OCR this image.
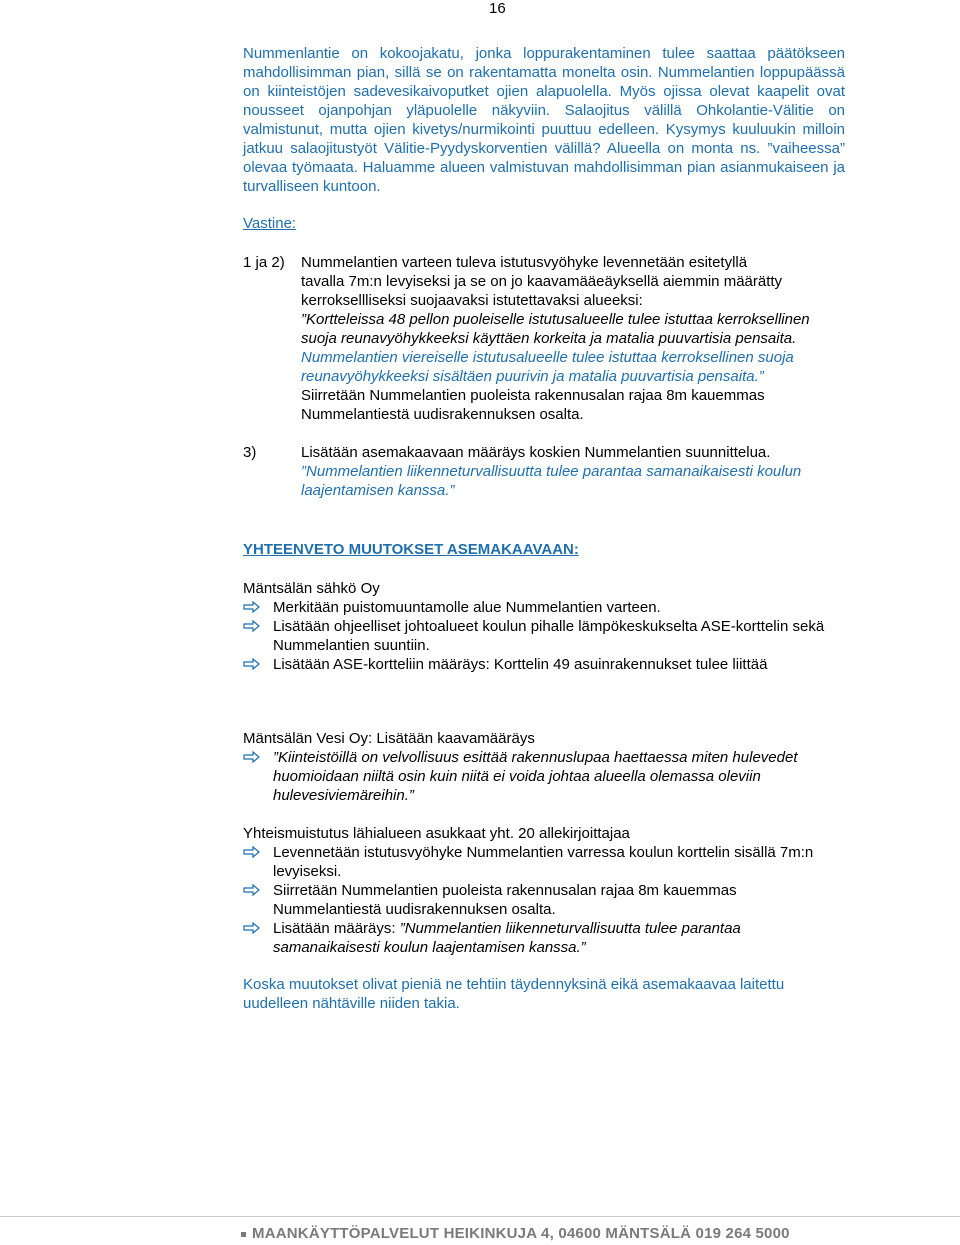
16

Nummenlantie on kokoojakatu, jonka loppurakentaminen tulee saattaa päätökseen mahdollisimman pian, sillä se on rakentamatta monelta osin. Nummelantien loppupäässä on kiinteistöjen sadevesikaivoputket ojien alapuolella. Myös ojissa olevat kaapelit ovat nousseet ojanpohjan yläpuolelle näkyviin. Salaojitus välillä Ohkolantie-Välitie on valmistunut, mutta ojien kivetys/nurmikointi puuttuu edelleen. Kysymys kuuluukin milloin jatkuu salaojitustyöt Välitie-Pyydyskorventien välillä? Alueella on monta ns. ”vaiheessa” olevaa työmaata. Haluamme alueen valmistuvan mahdollisimman pian asianmukaiseen ja turvalliseen kuntoon.

Vastine:
1 ja 2) Nummelantien varteen tuleva istutusvyöhyke levennetään esitetyllä

tavalla 7m:n levyiseksi ja se on jo kaavamääeäyksellä aiemmin määrätty kerroksellliseksi suojaavaksi istutettavaksi alueeksi:

”Kortteleissa 48 pellon puoleiselle istutusalueelle tulee istuttaa kerroksellinen suoja reunavyöhykkeeksi käyttäen korkeita ja matalia puuvartisia pensaita.

Nummelantien viereiselle istutusalueelle tulee istuttaa kerroksellinen suoja reunavyöhykkeeksi sisältäen puurivin ja matalia puuvartisia pensaita.”

Siirretään Nummelantien puoleista rakennusalan rajaa 8m kauemmas Nummelantiestä uudisrakennuksen osalta.

3)	Lisätään asemakaavaan määräys koskien Nummelantien suunnittelua.

”Nummelantien liikenneturvallisuutta tulee parantaa samanaikaisesti koulun laajentamisen kanssa.”

YHTEENVETO MUUTOKSET ASEMAKAAVAAN:
Mäntsälän sähkö Oy
Merkitään puistomuuntamolle alue Nummelantien varteen.
Lisätään ohjeelliset johtoalueet koulun pihalle lämpökeskukselta ASE-korttelin sekä Nummelantien suuntiin.
Lisätään ASE-kortteliin määräys: Korttelin 49 asuinrakennukset tulee liittää
Mäntsälän Vesi Oy: Lisätään kaavamääräys
”Kiinteistöillä on velvollisuus esittää rakennuslupaa haettaessa miten hulevedet huomioidaan niiltä osin kuin niitä ei voida johtaa alueella olemassa oleviin hulevesiviemäreihin.”
Yhteismuistutus lähialueen asukkaat yht. 20 allekirjoittajaa
Levennetään istutusvyöhyke Nummelantien varressa koulun korttelin sisällä 7m:n levyiseksi.
Siirretään Nummelantien puoleista rakennusalan rajaa 8m kauemmas Nummelantiestä uudisrakennuksen osalta.
Lisätään määräys: ”Nummelantien liikenneturvallisuutta tulee parantaa samanaikaisesti koulun laajentamisen kanssa.”
Koska muutokset olivat pieniä ne tehtiin täydennyksinä eikä asemakaavaa laitettu uudelleen nähtäville niiden takia.
MAANKÄYTTÖPALVELUT HEIKINKUJA 4, 04600 MÄNTSÄLÄ 019 264 5000
